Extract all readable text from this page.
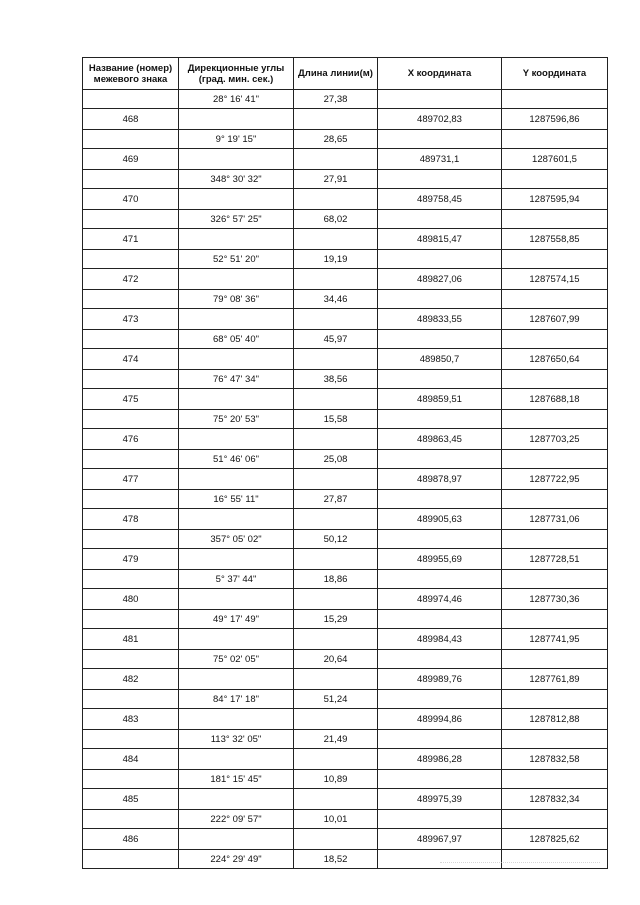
Название (номер) межевого знака	Дирекционные углы (град. мин. сек.)	Длина линии(м)	X координата	Y координата
	28° 16' 41"	27,38		
468			489702,83	1287596,86
	9° 19' 15"	28,65		
469			489731,1	1287601,5
	348° 30' 32"	27,91		
470			489758,45	1287595,94
	326° 57' 25"	68,02		
471			489815,47	1287558,85
	52° 51' 20"	19,19		
472			489827,06	1287574,15
	79° 08' 36"	34,46		
473			489833,55	1287607,99
	68° 05' 40"	45,97		
474			489850,7	1287650,64
	76° 47' 34"	38,56		
475			489859,51	1287688,18
	75° 20' 53"	15,58		
476			489863,45	1287703,25
	51° 46' 06"	25,08		
477			489878,97	1287722,95
	16° 55' 11"	27,87		
478			489905,63	1287731,06
	357° 05' 02"	50,12		
479			489955,69	1287728,51
	5° 37' 44"	18,86		
480			489974,46	1287730,36
	49° 17' 49"	15,29		
481			489984,43	1287741,95
	75° 02' 05"	20,64		
482			489989,76	1287761,89
	84° 17' 18"	51,24		
483			489994,86	1287812,88
	113° 32' 05"	21,49		
484			489986,28	1287832,58
	181° 15' 45"	10,89		
485			489975,39	1287832,34
	222° 09' 57"	10,01		
486			489967,97	1287825,62
	224° 29' 49"	18,52		
